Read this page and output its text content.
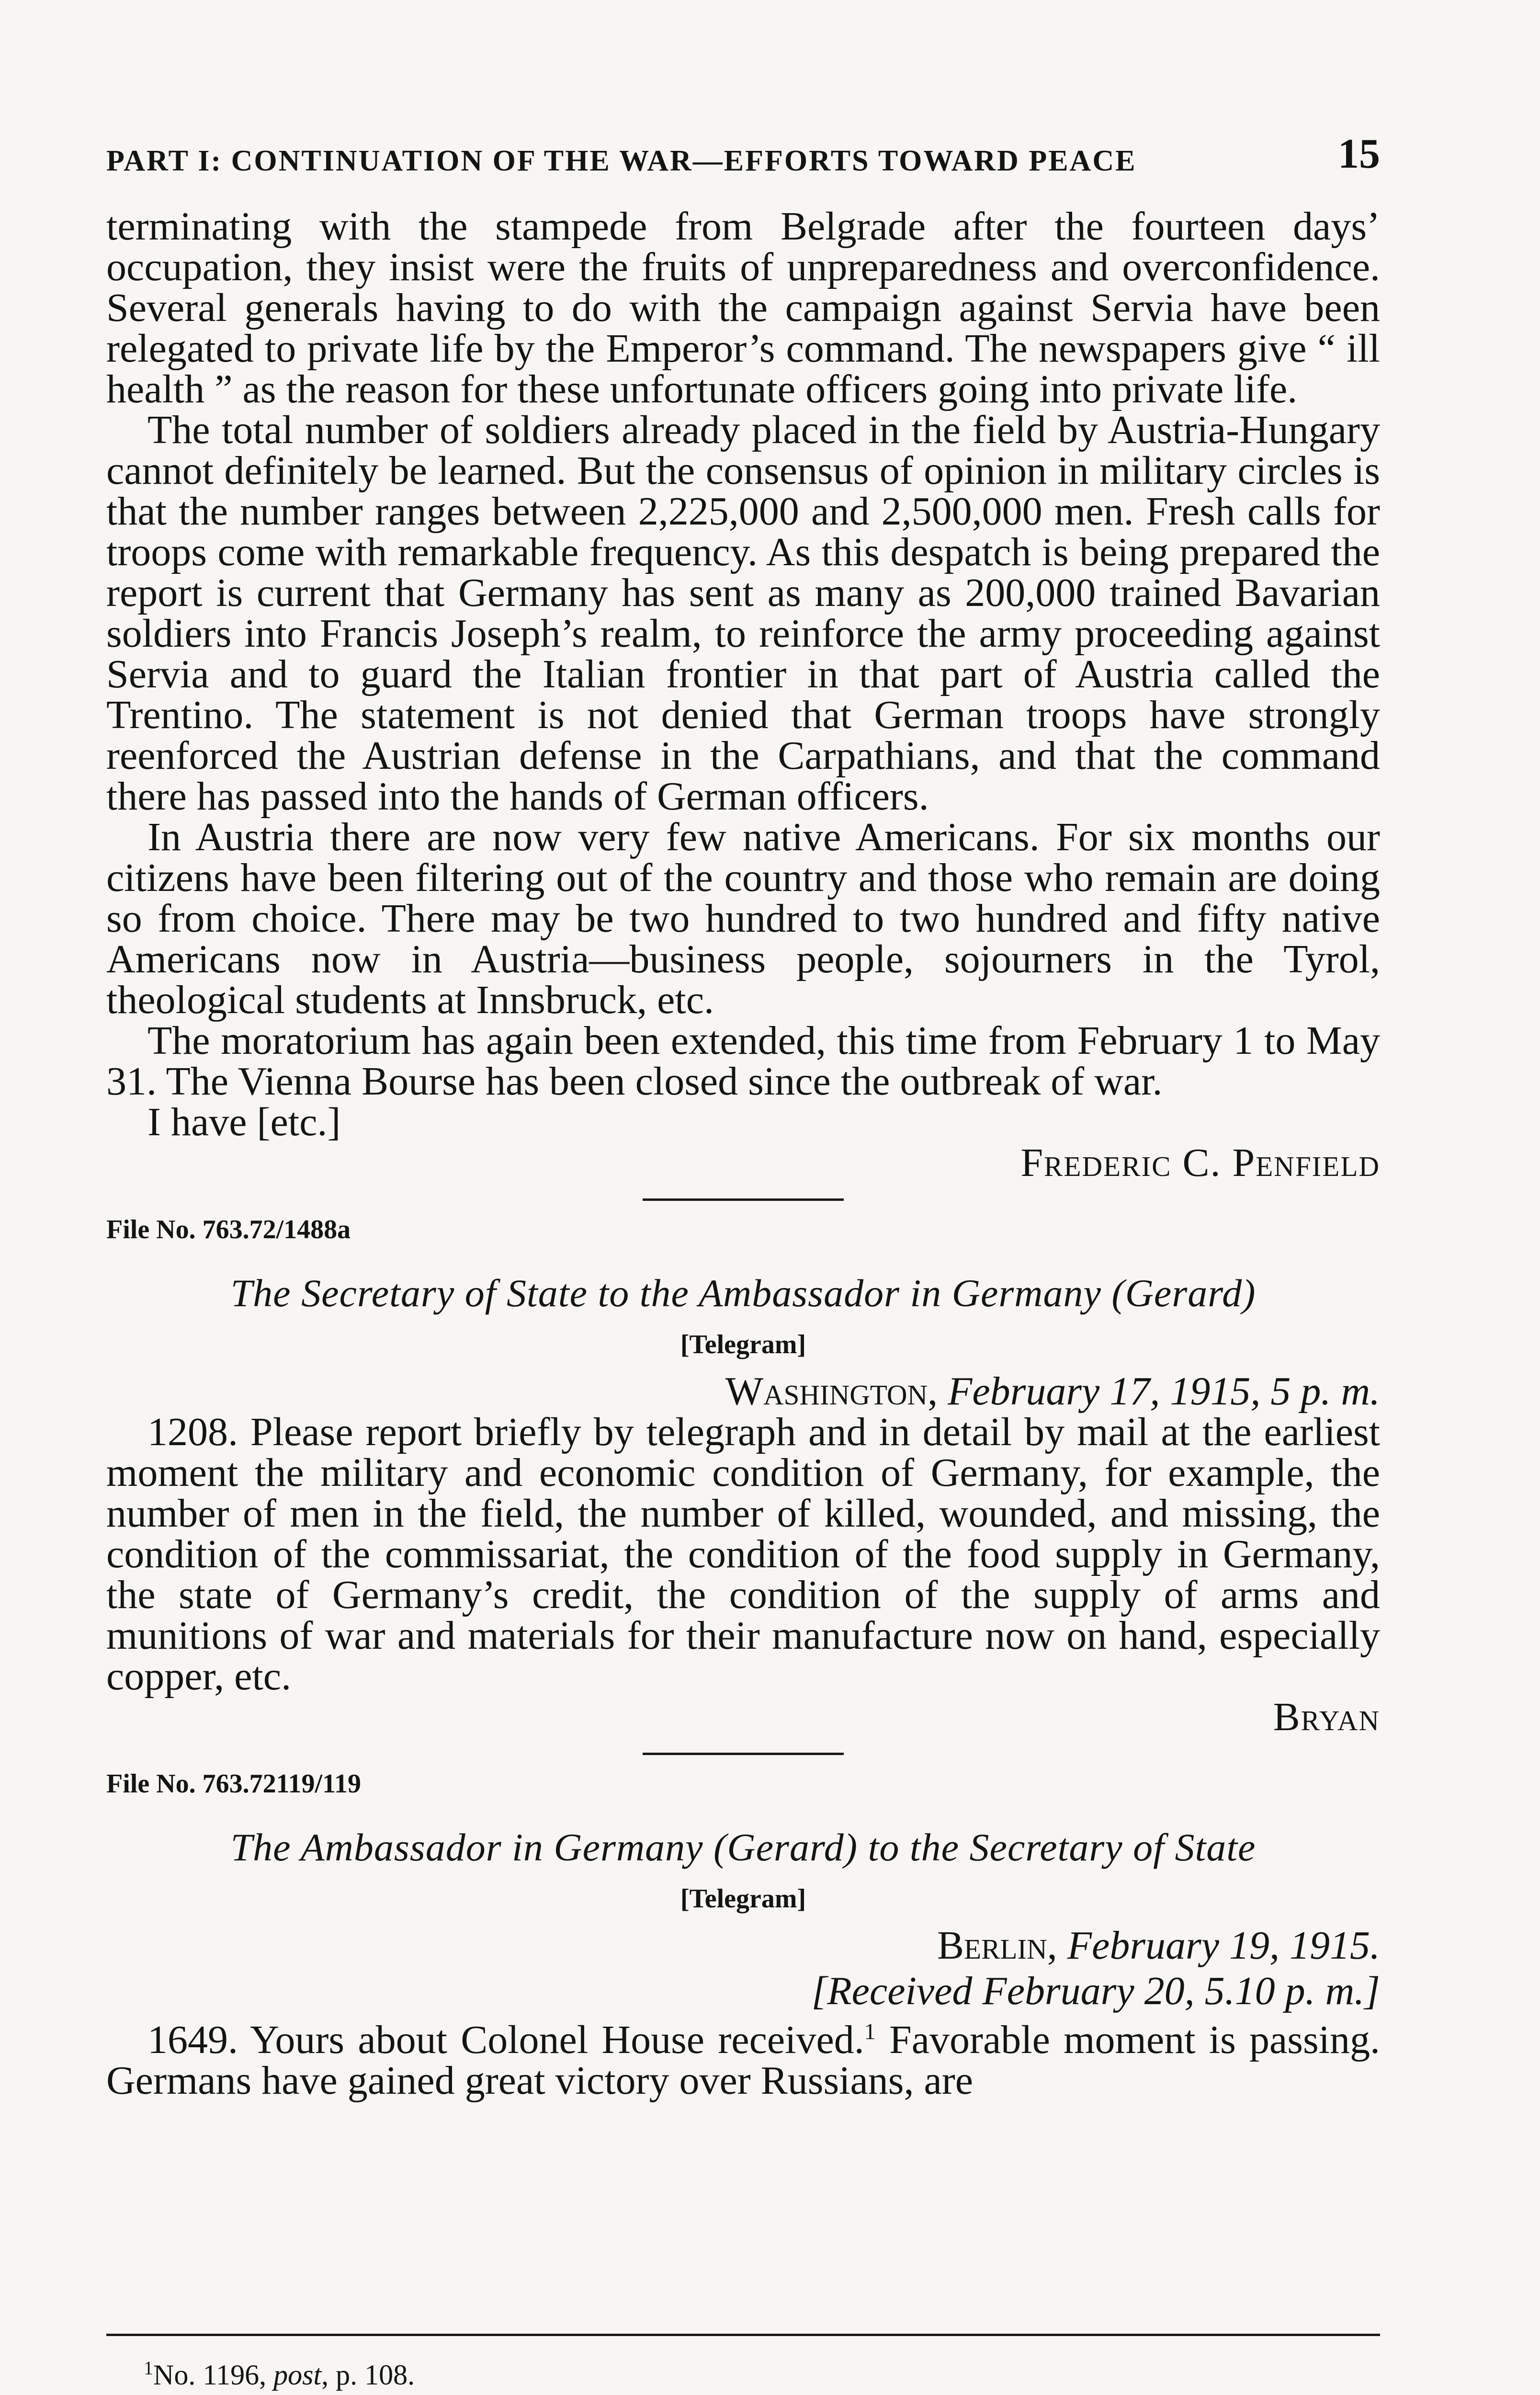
PART I: CONTINUATION OF THE WAR—EFFORTS TOWARD PEACE	15

terminating with the stampede from Belgrade after the fourteen days’ occupation, they insist were the fruits of unpreparedness and overconfidence. Several generals having to do with the campaign against Servia have been relegated to private life by the Emperor’s command. The newspapers give “ ill health ” as the reason for these unfortunate officers going into private life.

The total number of soldiers already placed in the field by Austria-Hungary cannot definitely be learned. But the consensus of opinion in military circles is that the number ranges between 2,225,000 and 2,500,000 men. Fresh calls for troops come with remarkable frequency. As this despatch is being prepared the report is current that Germany has sent as many as 200,000 trained Bavarian soldiers into Francis Joseph’s realm, to reinforce the army proceeding against Servia and to guard the Italian frontier in that part of Austria called the Trentino. The statement is not denied that German troops have strongly reenforced the Austrian defense in the Carpathians, and that the command there has passed into the hands of German officers.

In Austria there are now very few native Americans. For six months our citizens have been filtering out of the country and those who remain are doing so from choice. There may be two hundred to two hundred and fifty native Americans now in Austria—business people, sojourners in the Tyrol, theological students at Innsbruck, etc.

The moratorium has again been extended, this time from February 1 to May 31. The Vienna Bourse has been closed since the outbreak of war.

I have [etc.]

Frederic C. Penfield

File No. 763.72/1488a
The Secretary of State to the Ambassador in Germany (Gerard)
[Telegram]
Washington, February 17, 1915, 5 p. m.

1208. Please report briefly by telegraph and in detail by mail at the earliest moment the military and economic condition of Germany, for example, the number of men in the field, the number of killed, wounded, and missing, the condition of the commissariat, the condition of the food supply in Germany, the state of Germany’s credit, the condition of the supply of arms and munitions of war and materials for their manufacture now on hand, especially copper, etc.

Bryan

File No. 763.72119/119
The Ambassador in Germany (Gerard) to the Secretary of State
[Telegram]
Berlin, February 19, 1915.
[Received February 20, 5.10 p. m.]

1649. Yours about Colonel House received.$^1$ Favorable moment is passing. Germans have gained great victory over Russians, are

$^1$No. 1196, post, p. 108.
